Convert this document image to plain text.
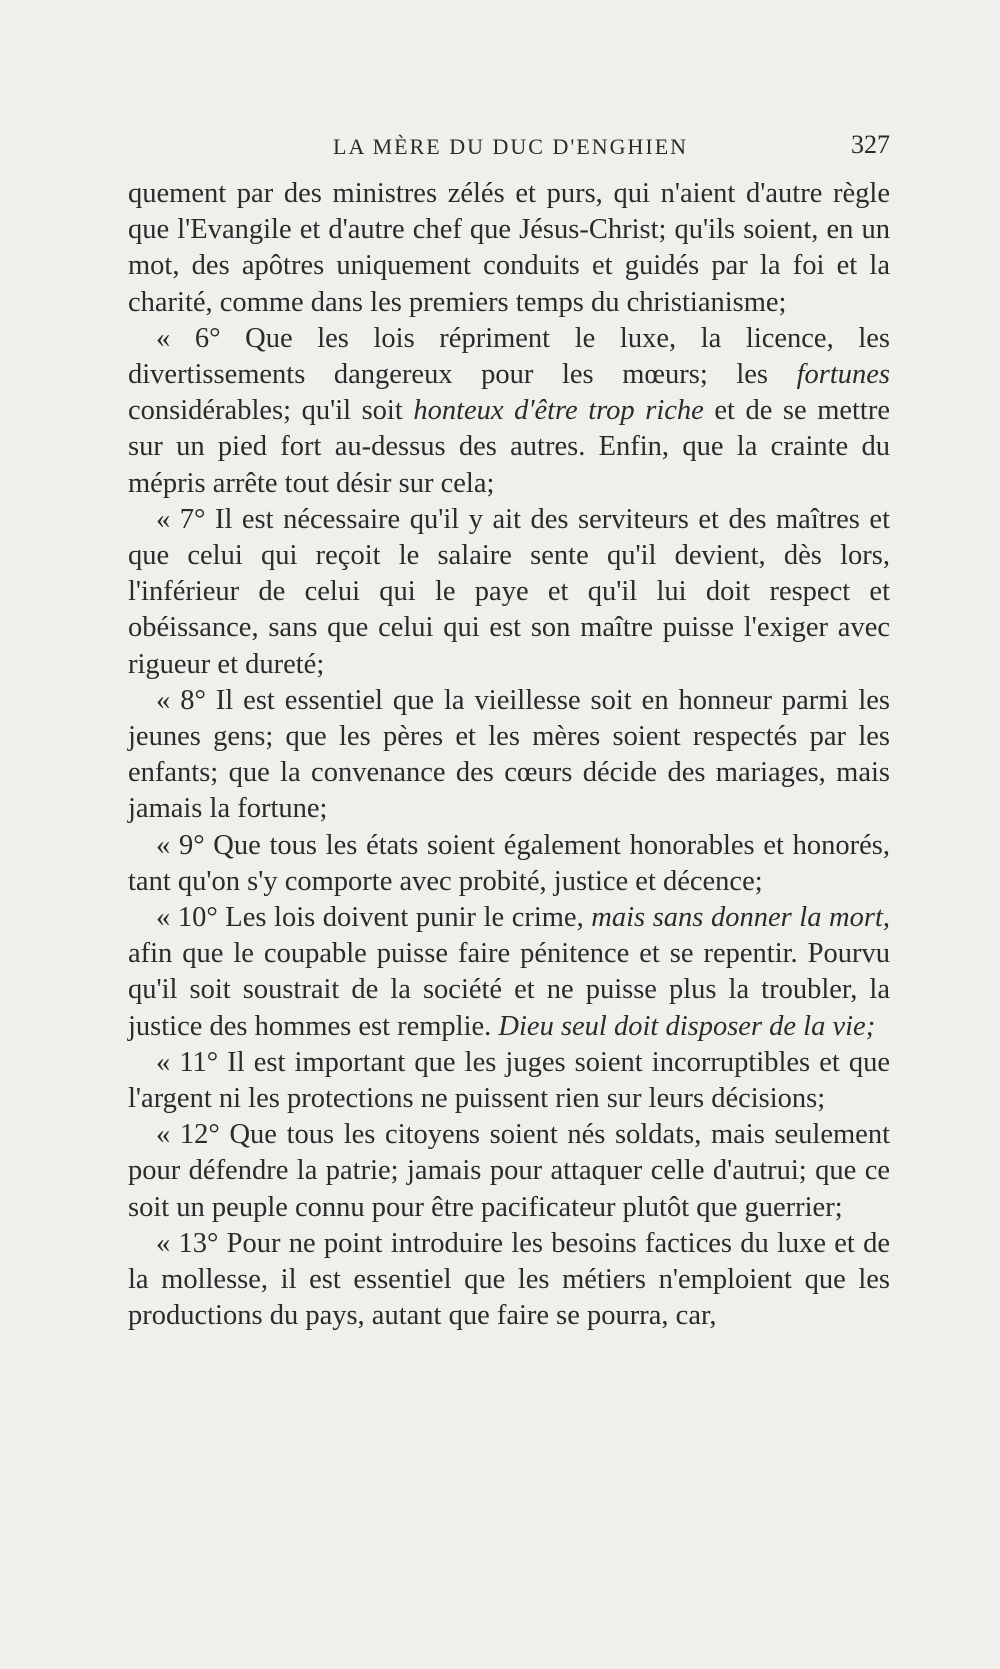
LA MÈRE DU DUC D'ENGHIEN	327

quement par des ministres zélés et purs, qui n'aient d'autre règle que l'Evangile et d'autre chef que Jésus-Christ; qu'ils soient, en un mot, des apôtres uniquement conduits et guidés par la foi et la charité, comme dans les premiers temps du christianisme;

« 6° Que les lois répriment le luxe, la licence, les divertissements dangereux pour les mœurs; les fortunes considérables; qu'il soit honteux d'être trop riche et de se mettre sur un pied fort au-dessus des autres. Enfin, que la crainte du mépris arrête tout désir sur cela;

« 7° Il est nécessaire qu'il y ait des serviteurs et des maîtres et que celui qui reçoit le salaire sente qu'il devient, dès lors, l'inférieur de celui qui le paye et qu'il lui doit respect et obéissance, sans que celui qui est son maître puisse l'exiger avec rigueur et dureté;

« 8° Il est essentiel que la vieillesse soit en honneur parmi les jeunes gens; que les pères et les mères soient respectés par les enfants; que la convenance des cœurs décide des mariages, mais jamais la fortune;

« 9° Que tous les états soient également honorables et honorés, tant qu'on s'y comporte avec probité, justice et décence;

« 10° Les lois doivent punir le crime, mais sans donner la mort, afin que le coupable puisse faire pénitence et se repentir. Pourvu qu'il soit soustrait de la société et ne puisse plus la troubler, la justice des hommes est remplie. Dieu seul doit disposer de la vie;

« 11° Il est important que les juges soient incorruptibles et que l'argent ni les protections ne puissent rien sur leurs décisions;

« 12° Que tous les citoyens soient nés soldats, mais seulement pour défendre la patrie; jamais pour attaquer celle d'autrui; que ce soit un peuple connu pour être pacificateur plutôt que guerrier;

« 13° Pour ne point introduire les besoins factices du luxe et de la mollesse, il est essentiel que les métiers n'emploient que les productions du pays, autant que faire se pourra, car,
